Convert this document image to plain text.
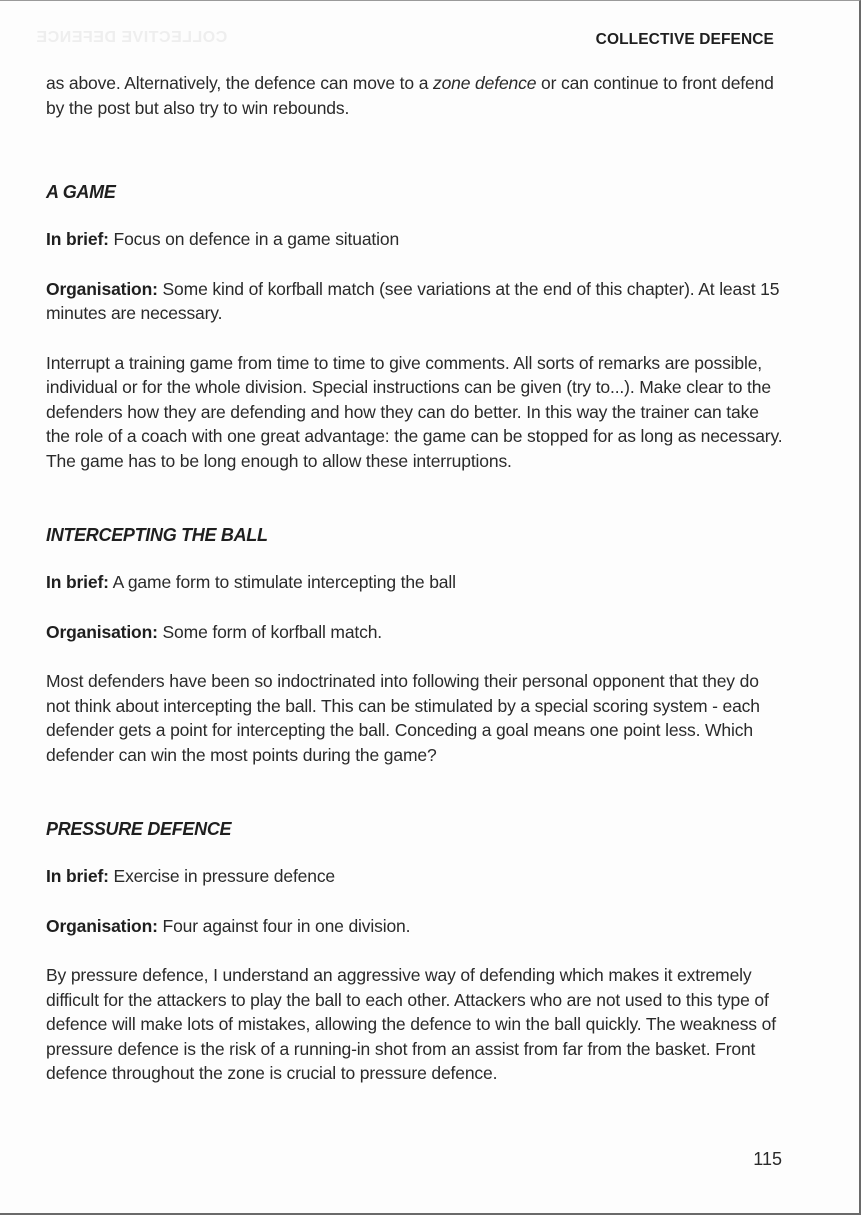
COLLECTIVE DEFENCE	COLLECTIVE DEFENCE

as above. Alternatively, the defence can move to a zone defence or can continue to front defend by the post but also try to win rebounds.

A GAME

In brief: Focus on defence in a game situation

Organisation: Some kind of korfball match (see variations at the end of this chapter). At least 15 minutes are necessary.

Interrupt a training game from time to time to give comments. All sorts of remarks are possible, individual or for the whole division. Special instructions can be given (try to...). Make clear to the defenders how they are defending and how they can do better. In this way the trainer can take the role of a coach with one great advantage: the game can be stopped for as long as necessary. The game has to be long enough to allow these interruptions.

INTERCEPTING THE BALL

In brief: A game form to stimulate intercepting the ball

Organisation: Some form of korfball match.

Most defenders have been so indoctrinated into following their personal opponent that they do not think about intercepting the ball. This can be stimulated by a special scoring system - each defender gets a point for intercepting the ball. Conceding a goal means one point less. Which defender can win the most points during the game?

PRESSURE DEFENCE

In brief: Exercise in pressure defence

Organisation: Four against four in one division.

By pressure defence, I understand an aggressive way of defending which makes it extremely difficult for the attackers to play the ball to each other. Attackers who are not used to this type of defence will make lots of mistakes, allowing the defence to win the ball quickly. The weakness of pressure defence is the risk of a running-in shot from an assist from far from the basket. Front defence throughout the zone is crucial to pressure defence.

115
